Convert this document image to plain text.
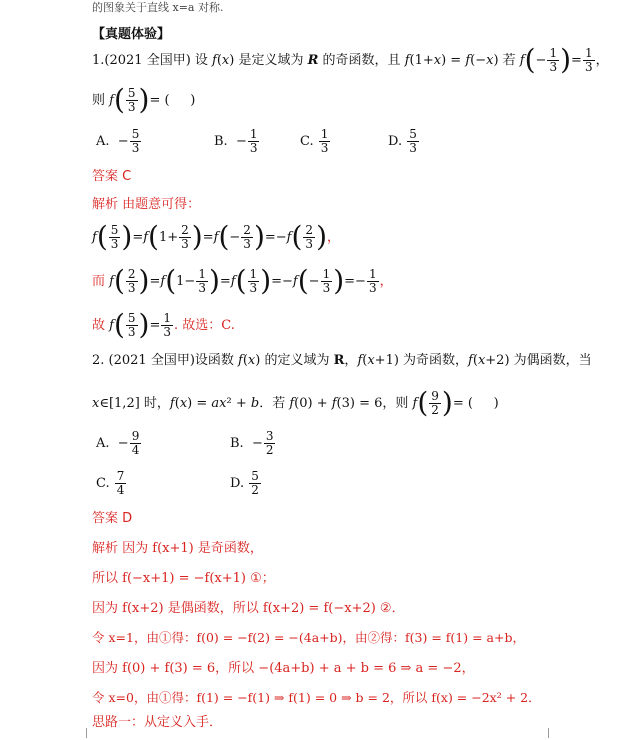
的图象关于直线 x=a 对称.
【真题体验】
1.(2021 全国甲) 设 f(x) 是定义域为 R 的奇函数，且 f(1+x) = f(−x) 若 f ( − $\frac{1}{3}$ ) = $\frac{1}{3}$ ，
则 f ( $\frac{5}{3}$ ) = (     )
A.  − $\frac{5}{3}$	B.  − $\frac{1}{3}$	C. $\frac{1}{3}$	D. $\frac{5}{3}$
答案 C
解析 由题意可得：
f ( $\frac{5}{3}$ ) =f ( $1+ \frac{2}{3}$ ) =f ( − $\frac{2}{3}$ ) =−f ( $\frac{2}{3}$ ) ，
而 f ( $\frac{2}{3}$ ) =f ( $1- \frac{1}{3}$ ) =f ( $\frac{1}{3}$ ) =−f ( − $\frac{1}{3}$ ) =− $\frac{1}{3}$ ，
故 f ( $\frac{5}{3}$ ) = $\frac{1}{3}$ . 故选：C.
2. (2021 全国甲)设函数 f(x) 的定义域为 R，f(x+1) 为奇函数，f(x+2) 为偶函数，当
x∈[1,2] 时，f(x) = ax² + b．若 f(0) + f(3) = 6，则 f ( $\frac{9}{2}$ ) = (     )
A.  − $\frac{9}{4}$	B.  − $\frac{3}{2}$
C. $\frac{7}{4}$	D. $\frac{5}{2}$
答案 D
解析 因为 f(x+1) 是奇函数，
所以 f(−x+1) = −f(x+1) ①；
因为 f(x+2) 是偶函数，所以 f(x+2) = f(−x+2) ②．
令 x=1，由①得：f(0) = −f(2) = −(4a+b)，由②得：f(3) = f(1) = a+b，
因为 f(0) + f(3) = 6，所以 −(4a+b) + a + b = 6 ⇒ a = −2，
令 x=0，由①得：f(1) = −f(1) ⇒ f(1) = 0 ⇒ b = 2，所以 f(x) = −2x² + 2．
思路一：从定义入手．
